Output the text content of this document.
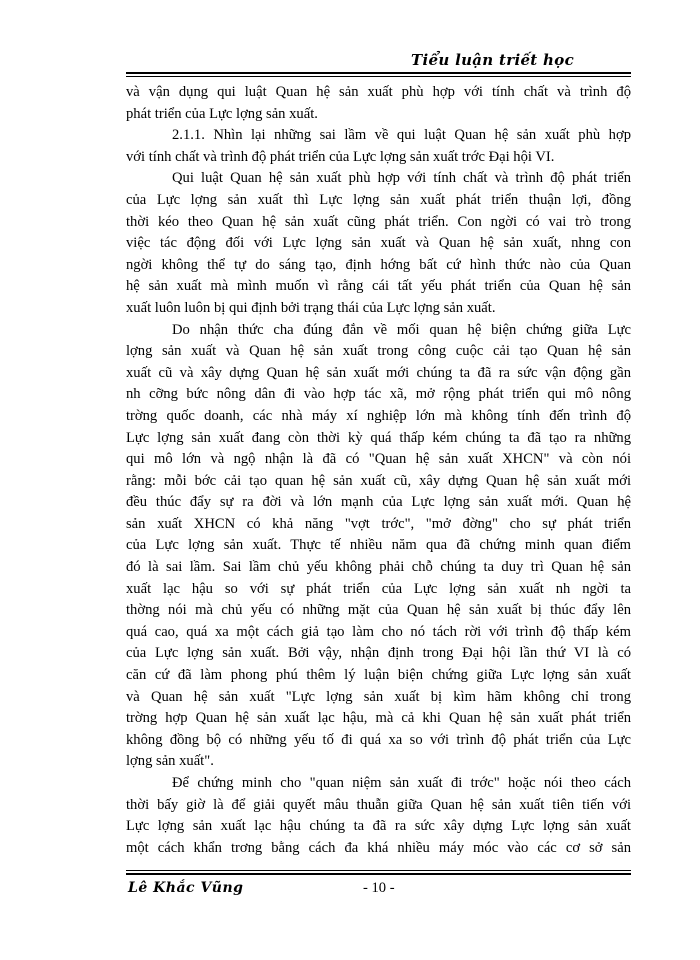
Tiểu luận triết học
và vận dụng qui luật Quan hệ sản xuất phù hợp với tính chất và trình độ
phát triển của Lực lợng sản xuất.
2.1.1. Nhìn lại những sai lầm về qui luật Quan hệ sản xuất phù hợp
với tính chất và trình độ phát triển của Lực lợng sản xuất trớc Đại hội VI.
Qui luật Quan hệ sản xuất phù hợp với tính chất và trình độ phát triển
của Lực lợng sản xuất thì Lực lợng sản xuất phát triển thuận lợi, đồng
thời kéo theo Quan hệ sản xuất cũng phát triển. Con ngời có vai trò trong
việc tác động đối với Lực lợng sản xuất và Quan hệ sản xuất, nhng con
ngời không thể tự do sáng tạo, định hớng bất cứ hình thức nào của Quan
hệ sản xuất mà mình muốn vì rằng cái tất yếu phát triển của Quan hệ sản
xuất luôn luôn bị qui định bởi trạng thái của Lực lợng sản xuất.
Do nhận thức cha đúng đắn về mối quan hệ biện chứng giữa Lực
lợng sản xuất và Quan hệ sản xuất trong công cuộc cải tạo Quan hệ sản
xuất cũ và xây dựng Quan hệ sản xuất mới chúng ta đã ra sức vận động gần
nh cỡng bức nông dân đi vào hợp tác xã, mở rộng phát triển qui mô nông
trờng quốc doanh, các nhà máy xí nghiệp lớn mà không tính đến trình độ
Lực lợng sản xuất đang còn thời kỳ quá thấp kém chúng ta đã tạo ra những
qui mô lớn và ngộ nhận là đã có "Quan hệ sản xuất XHCN" và còn nói
rằng: mỗi bớc cải tạo quan hệ sản xuất cũ, xây dựng Quan hệ sản xuất mới
đều thúc đẩy sự ra đời và lớn mạnh của Lực lợng sản xuất mới. Quan hệ
sản xuất XHCN có khả năng "vợt trớc", "mở đờng" cho sự phát triển
của Lực lợng sản xuất. Thực tế nhiều năm qua đã chứng minh quan điểm
đó là sai lầm. Sai lầm chủ yếu không phải chỗ chúng ta duy trì Quan hệ sản
xuất lạc hậu so với sự phát triển của Lực lợng sản xuất nh ngời ta
thờng nói mà chủ yếu có những mặt của Quan hệ sản xuất bị thúc đẩy lên
quá cao, quá xa một cách giả tạo làm cho nó tách rời với trình độ thấp kém
của Lực lợng sản xuất. Bởi vậy, nhận định trong Đại hội lần thứ VI là có
căn cứ đã làm phong phú thêm lý luận biện chứng giữa Lực lợng sản xuất
và Quan hệ sản xuất "Lực lợng sản xuất bị kìm hãm không chỉ trong
trờng hợp Quan hệ sản xuất lạc hậu, mà cả khi Quan hệ sản xuất phát triển
không đồng bộ có những yếu tố đi quá xa so với trình độ phát triển của Lực
lợng sản xuất".
Để chứng minh cho "quan niệm sản xuất đi trớc" hoặc nói theo cách
thời bấy giờ là để giải quyết mâu thuẫn giữa Quan hệ sản xuất tiên tiến với
Lực lợng sản xuất lạc hậu chúng ta đã ra sức xây dựng Lực lợng sản xuất
một cách khẩn trơng bằng cách đa khá nhiều máy móc vào các cơ sở sản
Lê Khắc Vũng	- 10 -
